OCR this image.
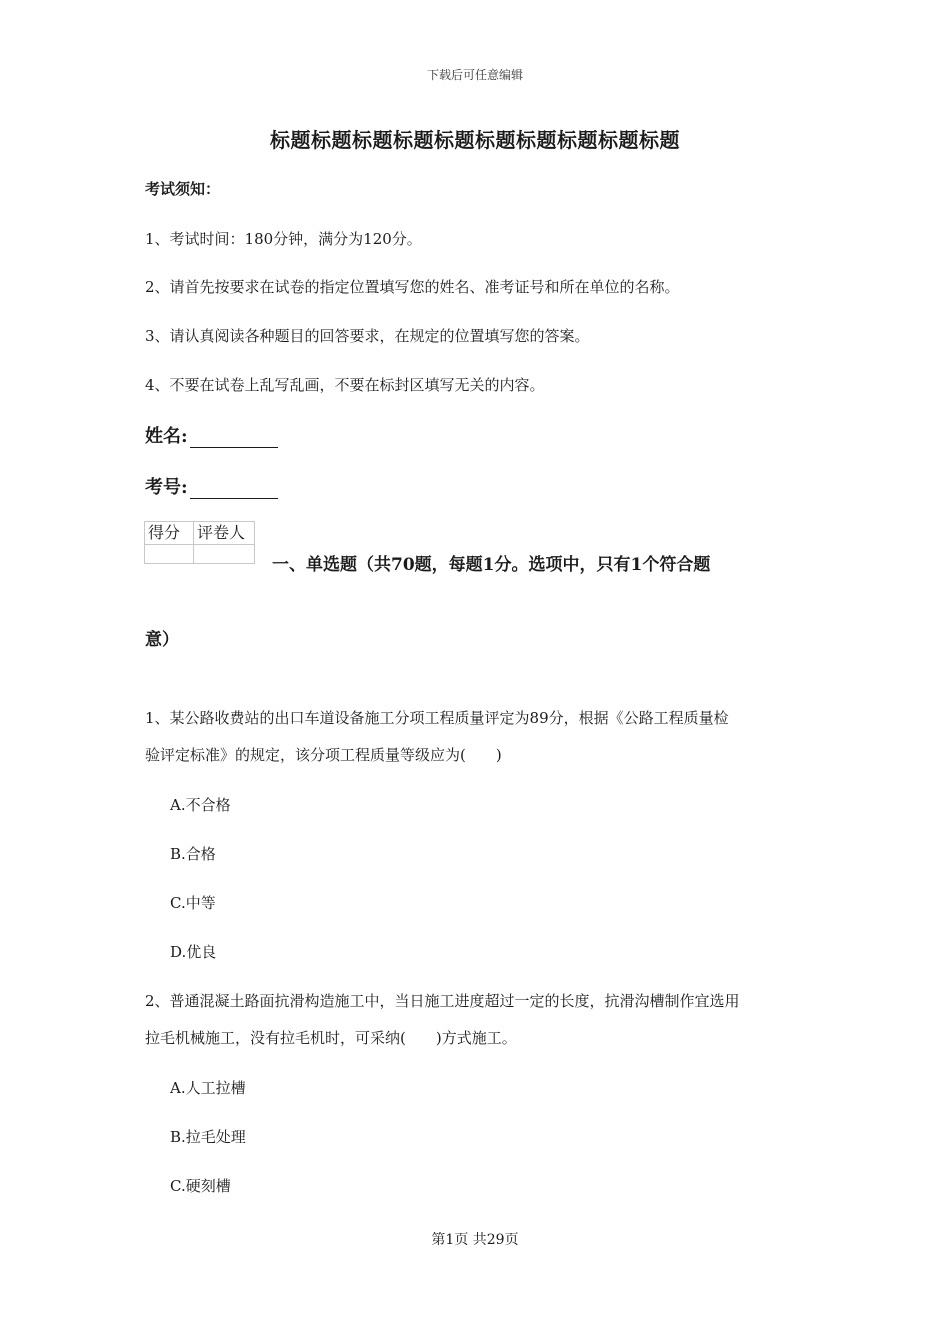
下载后可任意编辑
标题标题标题标题标题标题标题标题标题标题
考试须知：
1、考试时间：180分钟，满分为120分。
2、请首先按要求在试卷的指定位置填写您的姓名、准考证号和所在单位的名称。
3、请认真阅读各种题目的回答要求，在规定的位置填写您的答案。
4、不要在试卷上乱写乱画，不要在标封区填写无关的内容。
姓名:
考号:
得分	评卷人

一、单选题（共70题，每题1分。选项中，只有1个符合题
意）
1、某公路收费站的出口车道设备施工分项工程质量评定为89分，根据《公路工程质量检
验评定标准》的规定，该分项工程质量等级应为(　　)
A.不合格
B.合格
C.中等
D.优良
2、普通混凝土路面抗滑构造施工中，当日施工进度超过一定的长度，抗滑沟槽制作宜选用
拉毛机械施工，没有拉毛机时，可采纳(　　)方式施工。
A.人工拉槽
B.拉毛处理
C.硬刻槽
第1页 共29页
